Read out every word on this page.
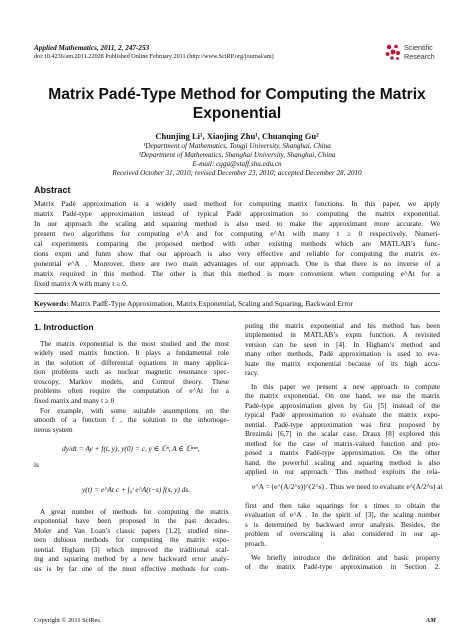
Applied Mathematics, 2011, 2, 247-253
doi:10.4236/am.2011.22028 Published Online February 2011 (http://www.SciRP.org/journal/am)
Scientific
Research
Matrix Padé-Type Method for Computing the Matrix
Exponential
Chunjing Li¹, Xiaojing Zhu¹, Chuanqing Gu²
¹Department of Mathematics, Tongji University, Shanghai, China
²Department of Mathematics, Shanghai University, Shanghai, China
E-mail: cqgu@staff.shu.edu.cn
Received October 31, 2010; revised December 23, 2010; accepted December 28, 2010
Abstract
Matrix Padé approximation is a widely used method for computing matrix functions. In this paper, we apply
matrix Padé-type approximation instead of typical Padé approximation to computing the matrix exponential.
In our approach the scaling and squaring method is also used to make the approximant more accurate. We
present two algorithms for computing e^A and for computing e^At with many t ≥ 0 respectively. Numeri-
cal experiments comparing the proposed method with other existing methods which are MATLAB’s func-
tions expm and funm show that our approach is also very effective and reliable for computing the matrix ex-
ponential e^A . Moreover, there are two main advantages of our approach. One is that there is no inverse of a
matrix required in this method. The other is that this method is more convenient when computing e^At for a
fixed matrix A with many t ≥ 0.
Keywords: Matrix PadÉ-Type Approximation, Matrix Exponential, Scaling and Squaring, Backward Error
1. Introduction
The matrix exponential is the most studied and the most
widely used matrix function. It plays a fundamental role
in the solution of differential equations in many applica-
tion problems such as nuclear magnetic resonance spec-
troscopy, Markov models, and Control theory. These
problems often require the computation of e^At for a
fixed matrix and many t ≥ 0
For example, with some suitable assumptions on the
smooth of a function f , the solution to the inhomoge-
neous system
dy/dt = Ay + f(t, y), y(0) = c, y ∈ ℂⁿ, A ∈ ℂⁿˣⁿ,
is
y(t) = e^At c + ∫₀ᵗ e^A(t−s) f(s, y) ds.
A great number of methods for computing the matrix
exponential have been proposed in the past decades.
Moler and Van Loan’s classic papers [1,2], studied nine-
teen dubious methods for computing the matrix expo-
nential. Higham [3] which improved the traditional scal-
ing and squaring method by a new backward error analy-
sis is by far one of the most effective methods for com-
puting the matrix exponential and his method has been
implemented in MATLAB’s expm function. A revisited
version can be seen in [4]. In Higham’s method and
many other methods, Padé approximation is used to eva-
luate the matrix exponential because of its high accu-
racy.
In this paper we present a new approach to compute
the matrix exponential. On one hand, we use the matrix
Padé-type approximation given by Gu [5] instead of the
typical Padé approximation to evaluate the matrix expo-
nential. Padé-type approximation was first proposed by
Brezinski [6,7] in the scalar case. Draux [8] explored this
method for the case of matrix-valued function and pro-
posed a matrix Padé-type approximation. On the other
hand, the powerful scaling and squaring method is also
applied in our approach. This method exploits the rela-
e^A = (e^(A/2^s))^(2^s) . Thus we need to evaluate e^(A/2^s) at
first and then take squarings for s times to obtain the
evaluation of e^A . In the spirit of [3], the scaling number
s is determined by backward error analysis. Besides, the
problem of overscaling is also considered in our ap-
proach.
We briefly introduce the definition and basic property
of the matrix Padé-type approximation in Section 2.
Copyright © 2011 SciRes.	AM
